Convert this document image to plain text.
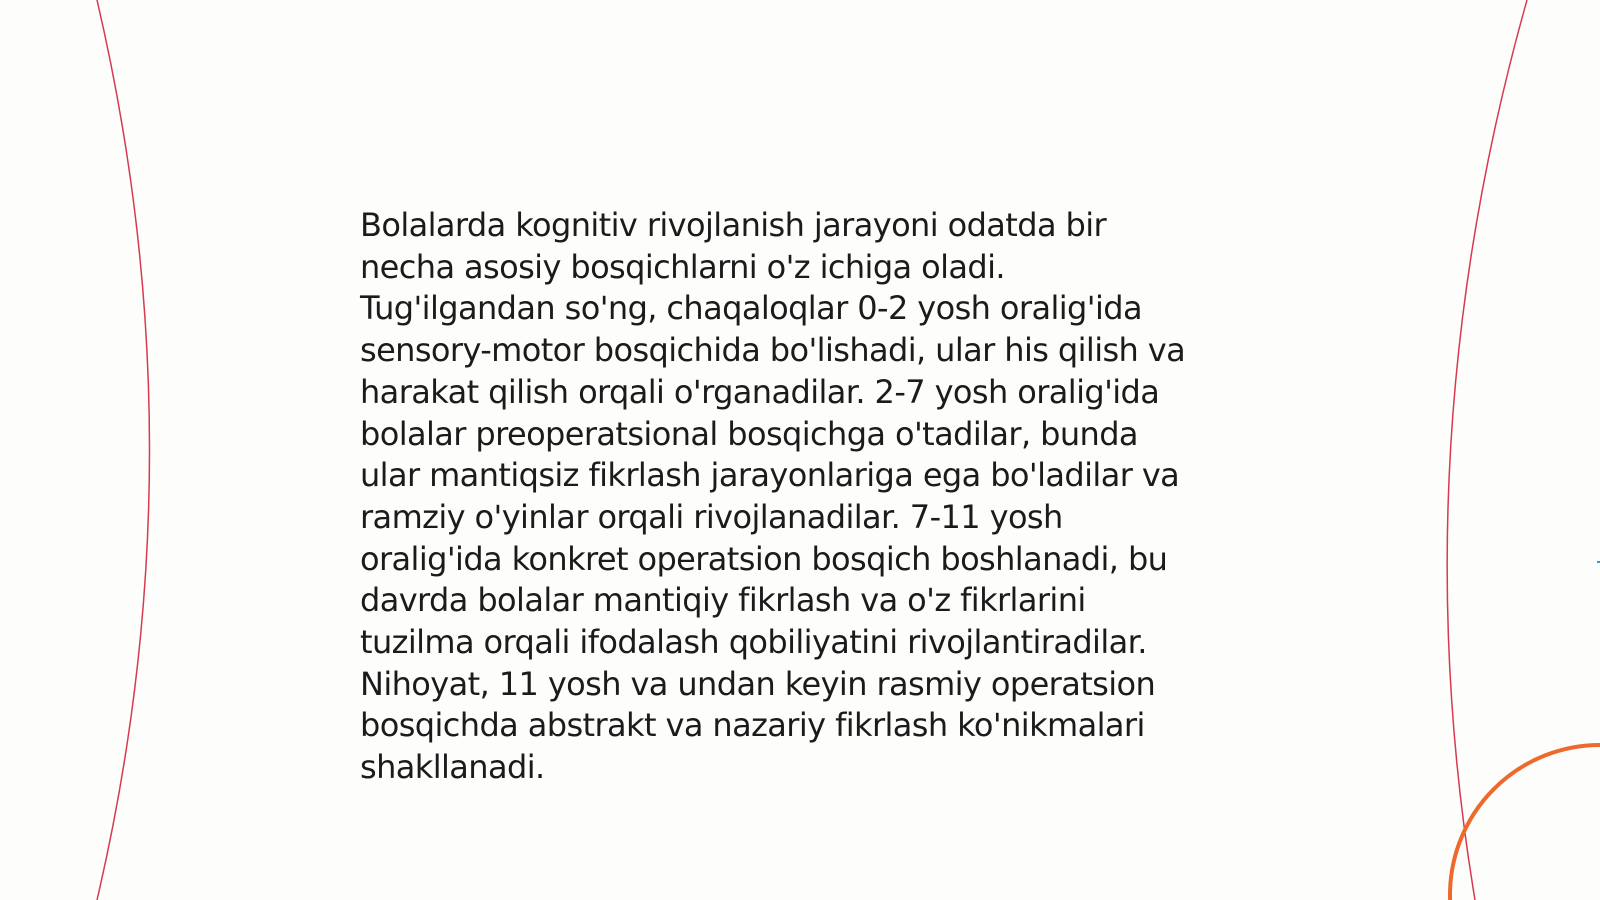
Bolalarda kognitiv rivojlanish jarayoni odatda bir
necha asosiy bosqichlarni o'z ichiga oladi.
Tug'ilgandan so'ng, chaqaloqlar 0-2 yosh oralig'ida
sensory-motor bosqichida bo'lishadi, ular his qilish va
harakat qilish orqali o'rganadilar. 2-7 yosh oralig'ida
bolalar preoperatsional bosqichga o'tadilar, bunda
ular mantiqsiz fikrlash jarayonlariga ega bo'ladilar va
ramziy o'yinlar orqali rivojlanadilar. 7-11 yosh
oralig'ida konkret operatsion bosqich boshlanadi, bu
davrda bolalar mantiqiy fikrlash va o'z fikrlarini
tuzilma orqali ifodalash qobiliyatini rivojlantiradilar.
Nihoyat, 11 yosh va undan keyin rasmiy operatsion
bosqichda abstrakt va nazariy fikrlash ko'nikmalari
shakllanadi.
